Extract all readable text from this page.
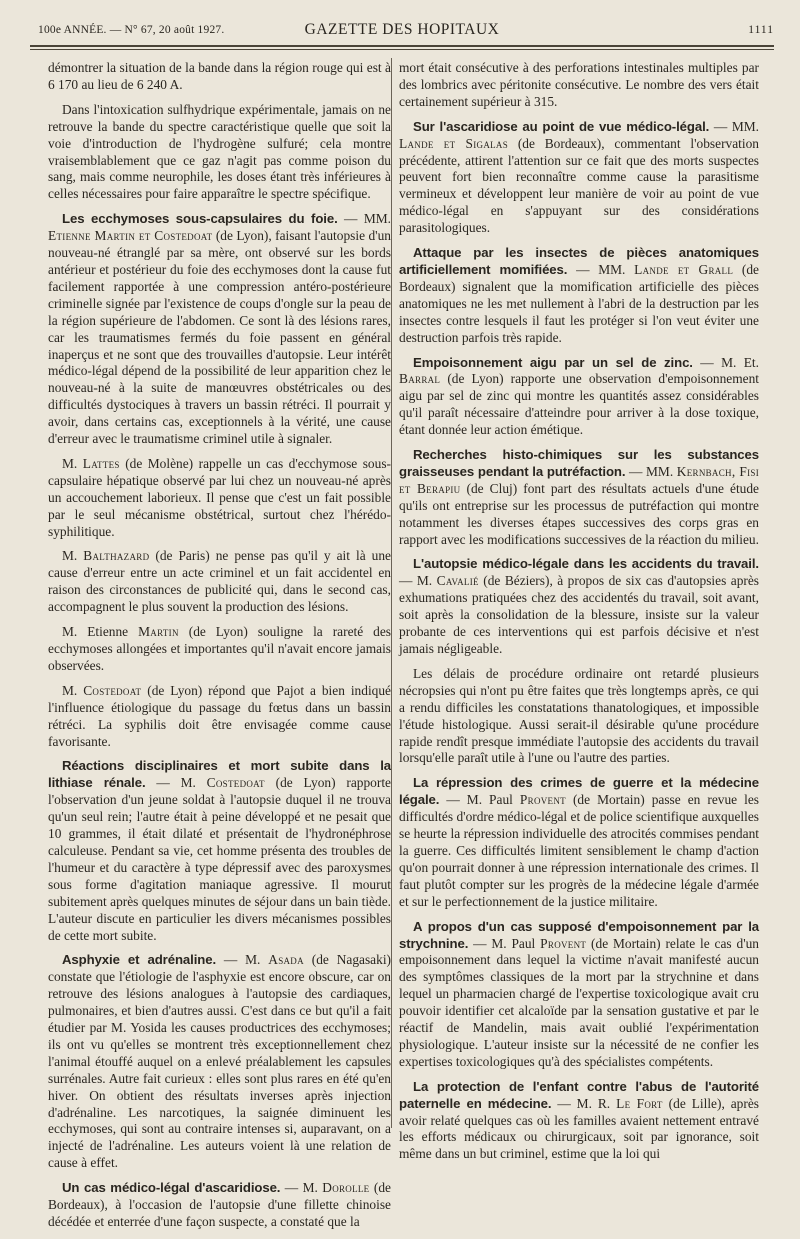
100e ANNÉE. — N° 67, 20 août 1927.	GAZETTE DES HOPITAUX	1111

démontrer la situation de la bande dans la région rouge qui est à 6 170 au lieu de 6 240 A.

Dans l'intoxication sulfhydrique expérimentale, jamais on ne retrouve la bande du spectre caractéristique quelle que soit la voie d'introduction de l'hydrogène sulfuré; cela montre vraisemblablement que ce gaz n'agit pas comme poison du sang, mais comme neurophile, les doses étant très inférieures à celles nécessaires pour faire apparaître le spectre spécifique.

Les ecchymoses sous-capsulaires du foie. — MM. Etienne Martin et Costedoat (de Lyon), faisant l'autopsie d'un nouveau-né étranglé par sa mère, ont observé sur les bords antérieur et postérieur du foie des ecchymoses dont la cause fut facilement rapportée à une compression antéro-postérieure criminelle signée par l'existence de coups d'ongle sur la peau de la région supérieure de l'abdomen. Ce sont là des lésions rares, car les traumatismes fermés du foie passent en général inaperçus et ne sont que des trouvailles d'autopsie. Leur intérêt médico-légal dépend de la possibilité de leur apparition chez le nouveau-né à la suite de manœuvres obstétricales ou des difficultés dystociques à travers un bassin rétréci. Il pourrait y avoir, dans certains cas, exceptionnels à la vérité, une cause d'erreur avec le traumatisme criminel utile à signaler.

M. Lattes (de Molène) rappelle un cas d'ecchymose sous-capsulaire hépatique observé par lui chez un nouveau-né après un accouchement laborieux. Il pense que c'est un fait possible par le seul mécanisme obstétrical, surtout chez l'hérédo-syphilitique.

M. Balthazard (de Paris) ne pense pas qu'il y ait là une cause d'erreur entre un acte criminel et un fait accidentel en raison des circonstances de publicité qui, dans le second cas, accompagnent le plus souvent la production des lésions.

M. Etienne Martin (de Lyon) souligne la rareté des ecchymoses allongées et importantes qu'il n'avait encore jamais observées.

M. Costedoat (de Lyon) répond que Pajot a bien indiqué l'influence étiologique du passage du fœtus dans un bassin rétréci. La syphilis doit être envisagée comme cause favorisante.

Réactions disciplinaires et mort subite dans la lithiase rénale. — M. Costedoat (de Lyon) rapporte l'observation d'un jeune soldat à l'autopsie duquel il ne trouva qu'un seul rein; l'autre était à peine développé et ne pesait que 10 grammes, il était dilaté et présentait de l'hydronéphrose calculeuse. Pendant sa vie, cet homme présenta des troubles de l'humeur et du caractère à type dépressif avec des paroxysmes sous forme d'agitation maniaque agressive. Il mourut subitement après quelques minutes de séjour dans un bain tiède. L'auteur discute en particulier les divers mécanismes possibles de cette mort subite.

Asphyxie et adrénaline. — M. Asada (de Nagasaki) constate que l'étiologie de l'asphyxie est encore obscure, car on retrouve des lésions analogues à l'autopsie des cardiaques, pulmonaires, et bien d'autres aussi. C'est dans ce but qu'il a fait étudier par M. Yosida les causes productrices des ecchymoses; ils ont vu qu'elles se montrent très exceptionnellement chez l'animal étouffé auquel on a enlevé préalablement les capsules surrénales. Autre fait curieux : elles sont plus rares en été qu'en hiver. On obtient des résultats inverses après injection d'adrénaline. Les narcotiques, la saignée diminuent les ecchymoses, qui sont au contraire intenses si, auparavant, on a injecté de l'adrénaline. Les auteurs voient là une relation de cause à effet.

Un cas médico-légal d'ascaridiose. — M. Dorolle (de Bordeaux), à l'occasion de l'autopsie d'une fillette chinoise décédée et enterrée d'une façon suspecte, a constaté que la

mort était consécutive à des perforations intestinales multiples par des lombrics avec péritonite consécutive. Le nombre des vers était certainement supérieur à 315.

Sur l'ascaridiose au point de vue médico-légal. — MM. Lande et Sigalas (de Bordeaux), commentant l'observation précédente, attirent l'attention sur ce fait que des morts suspectes peuvent fort bien reconnaître comme cause la parasitisme vermineux et développent leur manière de voir au point de vue médico-légal en s'appuyant sur des considérations parasitologiques.

Attaque par les insectes de pièces anatomiques artificiellement momifiées. — MM. Lande et Grall (de Bordeaux) signalent que la momification artificielle des pièces anatomiques ne les met nullement à l'abri de la destruction par les insectes contre lesquels il faut les protéger si l'on veut éviter une destruction parfois très rapide.

Empoisonnement aigu par un sel de zinc. — M. Et. Barral (de Lyon) rapporte une observation d'empoisonnement aigu par sel de zinc qui montre les quantités assez considérables qu'il paraît nécessaire d'atteindre pour arriver à la dose toxique, étant donnée leur action émétique.

Recherches histo-chimiques sur les substances graisseuses pendant la putréfaction. — MM. Kernbach, Fisi et Beraріu (de Cluj) font part des résultats actuels d'une étude qu'ils ont entreprise sur les processus de putréfaction qui montre notamment les diverses étapes successives des corps gras en rapport avec les modifications successives de la réaction du milieu.

L'autopsie médico-légale dans les accidents du travail. — M. Cavalié (de Béziers), à propos de six cas d'autopsies après exhumations pratiquées chez des accidentés du travail, soit avant, soit après la consolidation de la blessure, insiste sur la valeur probante de ces interventions qui est parfois décisive et n'est jamais négligeable.

Les délais de procédure ordinaire ont retardé plusieurs nécropsies qui n'ont pu être faites que très longtemps après, ce qui a rendu difficiles les constatations thanatologiques, et impossible l'étude histologique. Aussi serait-il désirable qu'une procédure rapide rendît presque immédiate l'autopsie des accidents du travail lorsqu'elle paraît utile à l'une ou l'autre des parties.

La répression des crimes de guerre et la médecine légale. — M. Paul Provent (de Mortain) passe en revue les difficultés d'ordre médico-légal et de police scientifique auxquelles se heurte la répression individuelle des atrocités commises pendant la guerre. Ces difficultés limitent sensiblement le champ d'action qu'on pourrait donner à une répression internationale des crimes. Il faut plutôt compter sur les progrès de la médecine légale d'armée et sur le perfectionnement de la justice militaire.

A propos d'un cas supposé d'empoisonnement par la strychnine. — M. Paul Provent (de Mortain) relate le cas d'un empoisonnement dans lequel la victime n'avait manifesté aucun des symptômes classiques de la mort par la strychnine et dans lequel un pharmacien chargé de l'expertise toxicologique avait cru pouvoir identifier cet alcaloïde par la sensation gustative et par le réactif de Mandelin, mais avait oublié l'expérimentation physiologique. L'auteur insiste sur la nécessité de ne confier les expertises toxicologiques qu'à des spécialistes compétents.

La protection de l'enfant contre l'abus de l'autorité paternelle en médecine. — M. R. Le Fort (de Lille), après avoir relaté quelques cas où les familles avaient nettement entravé les efforts médicaux ou chirurgicaux, soit par ignorance, soit même dans un but criminel, estime que la loi qui
